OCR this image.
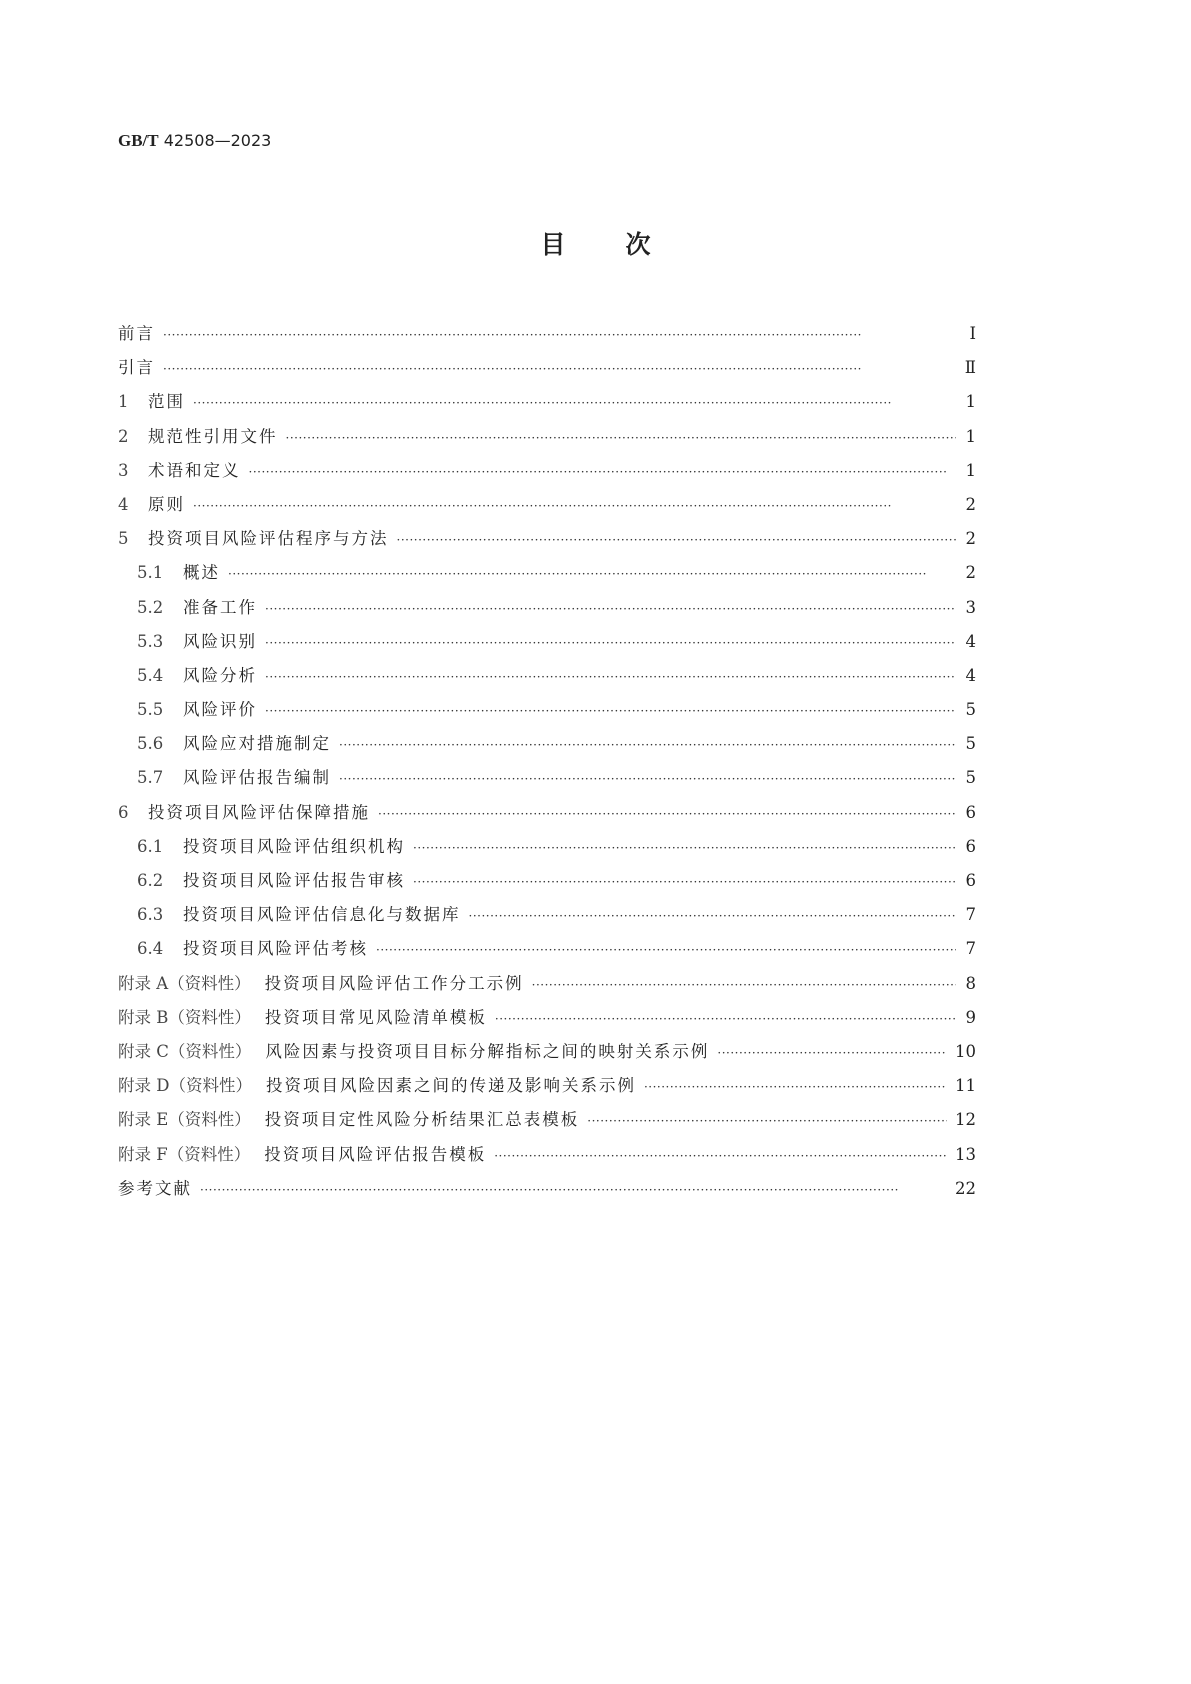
GB/T 42508—2023
目次
前言 ·····	Ⅰ
引言 ·····	Ⅱ
1	范围 ·····	1
2	规范性引用文件 ·····	1
3	术语和定义 ·····	1
4	原则 ·····	2
5	投资项目风险评估程序与方法 ·····	2
5.1	概述 ·····	2
5.2	准备工作 ·····	3
5.3	风险识别 ·····	4
5.4	风险分析 ·····	4
5.5	风险评价 ·····	5
5.6	风险应对措施制定 ·····	5
5.7	风险评估报告编制 ·····	5
6	投资项目风险评估保障措施 ·····	6
6.1	投资项目风险评估组织机构 ·····	6
6.2	投资项目风险评估报告审核 ·····	6
6.3	投资项目风险评估信息化与数据库 ·····	7
6.4	投资项目风险评估考核 ·····	7
附录 A（资料性） 投资项目风险评估工作分工示例 ·····	8
附录 B（资料性） 投资项目常见风险清单模板 ·····	9
附录 C（资料性） 风险因素与投资项目目标分解指标之间的映射关系示例 ·····	10
附录 D（资料性） 投资项目风险因素之间的传递及影响关系示例 ·····	11
附录 E（资料性） 投资项目定性风险分析结果汇总表模板 ·····	12
附录 F（资料性） 投资项目风险评估报告模板 ·····	13
参考文献 ·····	22
